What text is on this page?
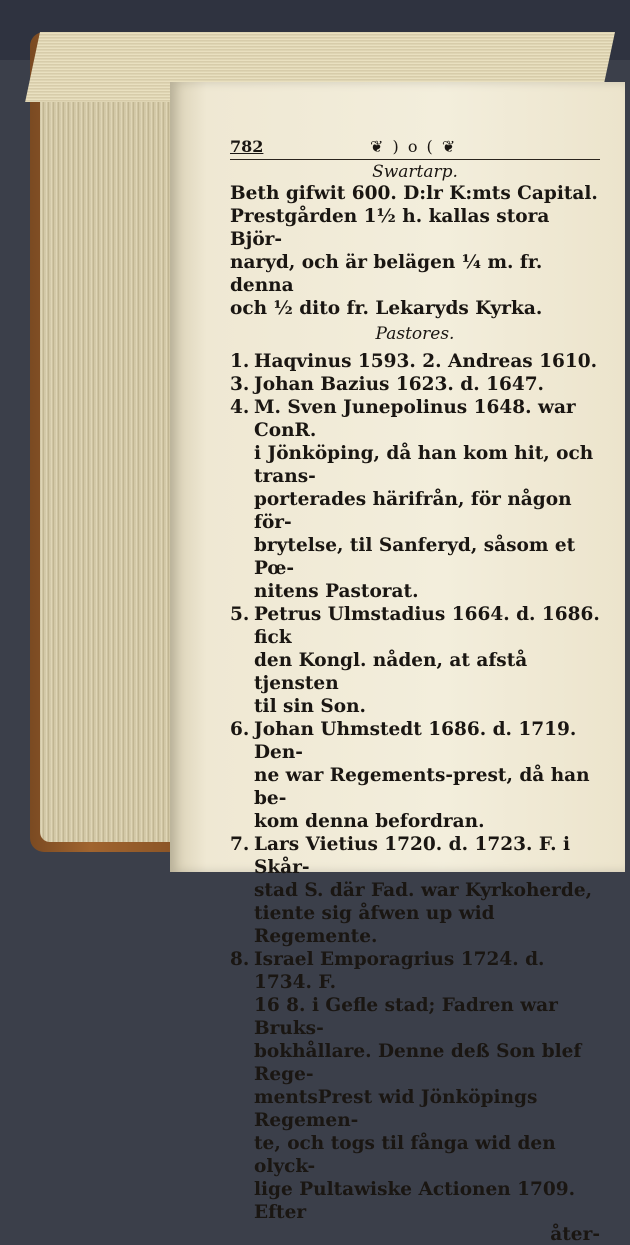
782	❦ ) o ( ❦
Swartarp.

Beth gifwit 600. D:lr K:mts Capital.

Prestgården 1½ h. kallas stora Björ-

naryd, och är belägen ¼ m. fr. denna

och ½ dito fr. Lekaryds Kyrka.

Pastores.
1. Haqvinus 1593. 2. Andreas 1610.
3. Johan Bazius 1623. d. 1647.
4. M. Sven Junepolinus 1648. war ConR.
i Jönköping, då han kom hit, och trans-
porterades härifrån, för någon för-
brytelse, til Sanferyd, såsom et Pœ-
nitens Pastorat.
5. Petrus Ulmstadius 1664. d. 1686. fick
den Kongl. nåden, at afstå tjensten
til sin Son.
6. Johan Uhmstedt 1686. d. 1719. Den-
ne war Regements-prest, då han be-
kom denna befordran.
7. Lars Vietius 1720. d. 1723. F. i Skår-
stad S. där Fad. war Kyrkoherde,
tiente sig åfwen up wid Regemente.
8. Israel Emporagrius 1724. d. 1734. F.
16 8. i Gefle stad; Fadren war Bruks-
bokhållare. Denne deß Son blef Rege-
mentsPrest wid Jönköpings Regemen-
te, och togs til fånga wid den olyck-
lige Pultawiske Actionen 1709. Efter
åter-
